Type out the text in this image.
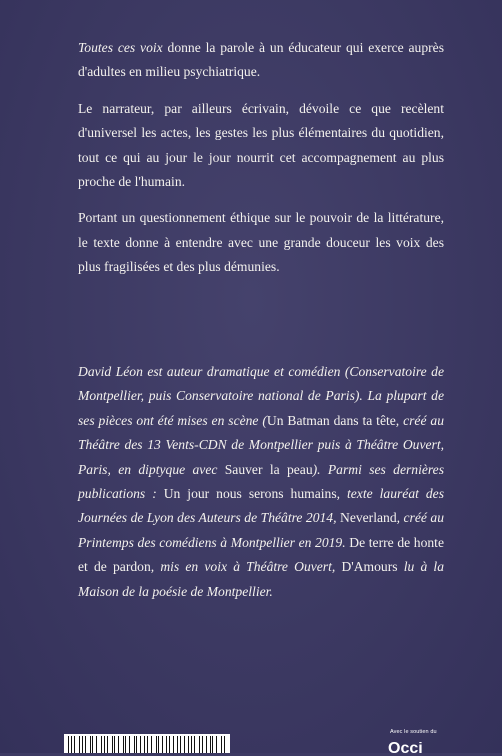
Toutes ces voix donne la parole à un éducateur qui exerce auprès d'adultes en milieu psychiatrique.

Le narrateur, par ailleurs écrivain, dévoile ce que recèlent d'universel les actes, les gestes les plus élémentaires du quotidien, tout ce qui au jour le jour nourrit cet accompagnement au plus proche de l'humain.

Portant un questionnement éthique sur le pouvoir de la littérature, le texte donne à entendre avec une grande douceur les voix des plus fragilisées et des plus démunies.

David Léon est auteur dramatique et comédien (Conservatoire de Montpellier, puis Conservatoire national de Paris). La plupart de ses pièces ont été mises en scène (Un Batman dans ta tête, créé au Théâtre des 13 Vents-CDN de Montpellier puis à Théâtre Ouvert, Paris, en diptyque avec Sauver la peau). Parmi ses dernières publications : Un jour nous serons humains, texte lauréat des Journées de Lyon des Auteurs de Théâtre 2014, Neverland, créé au Printemps des comédiens à Montpellier en 2019. De terre de honte et de pardon, mis en voix à Théâtre Ouvert, D'Amours lu à la Maison de la poésie de Montpellier.

Avec le soutien du
Occi
